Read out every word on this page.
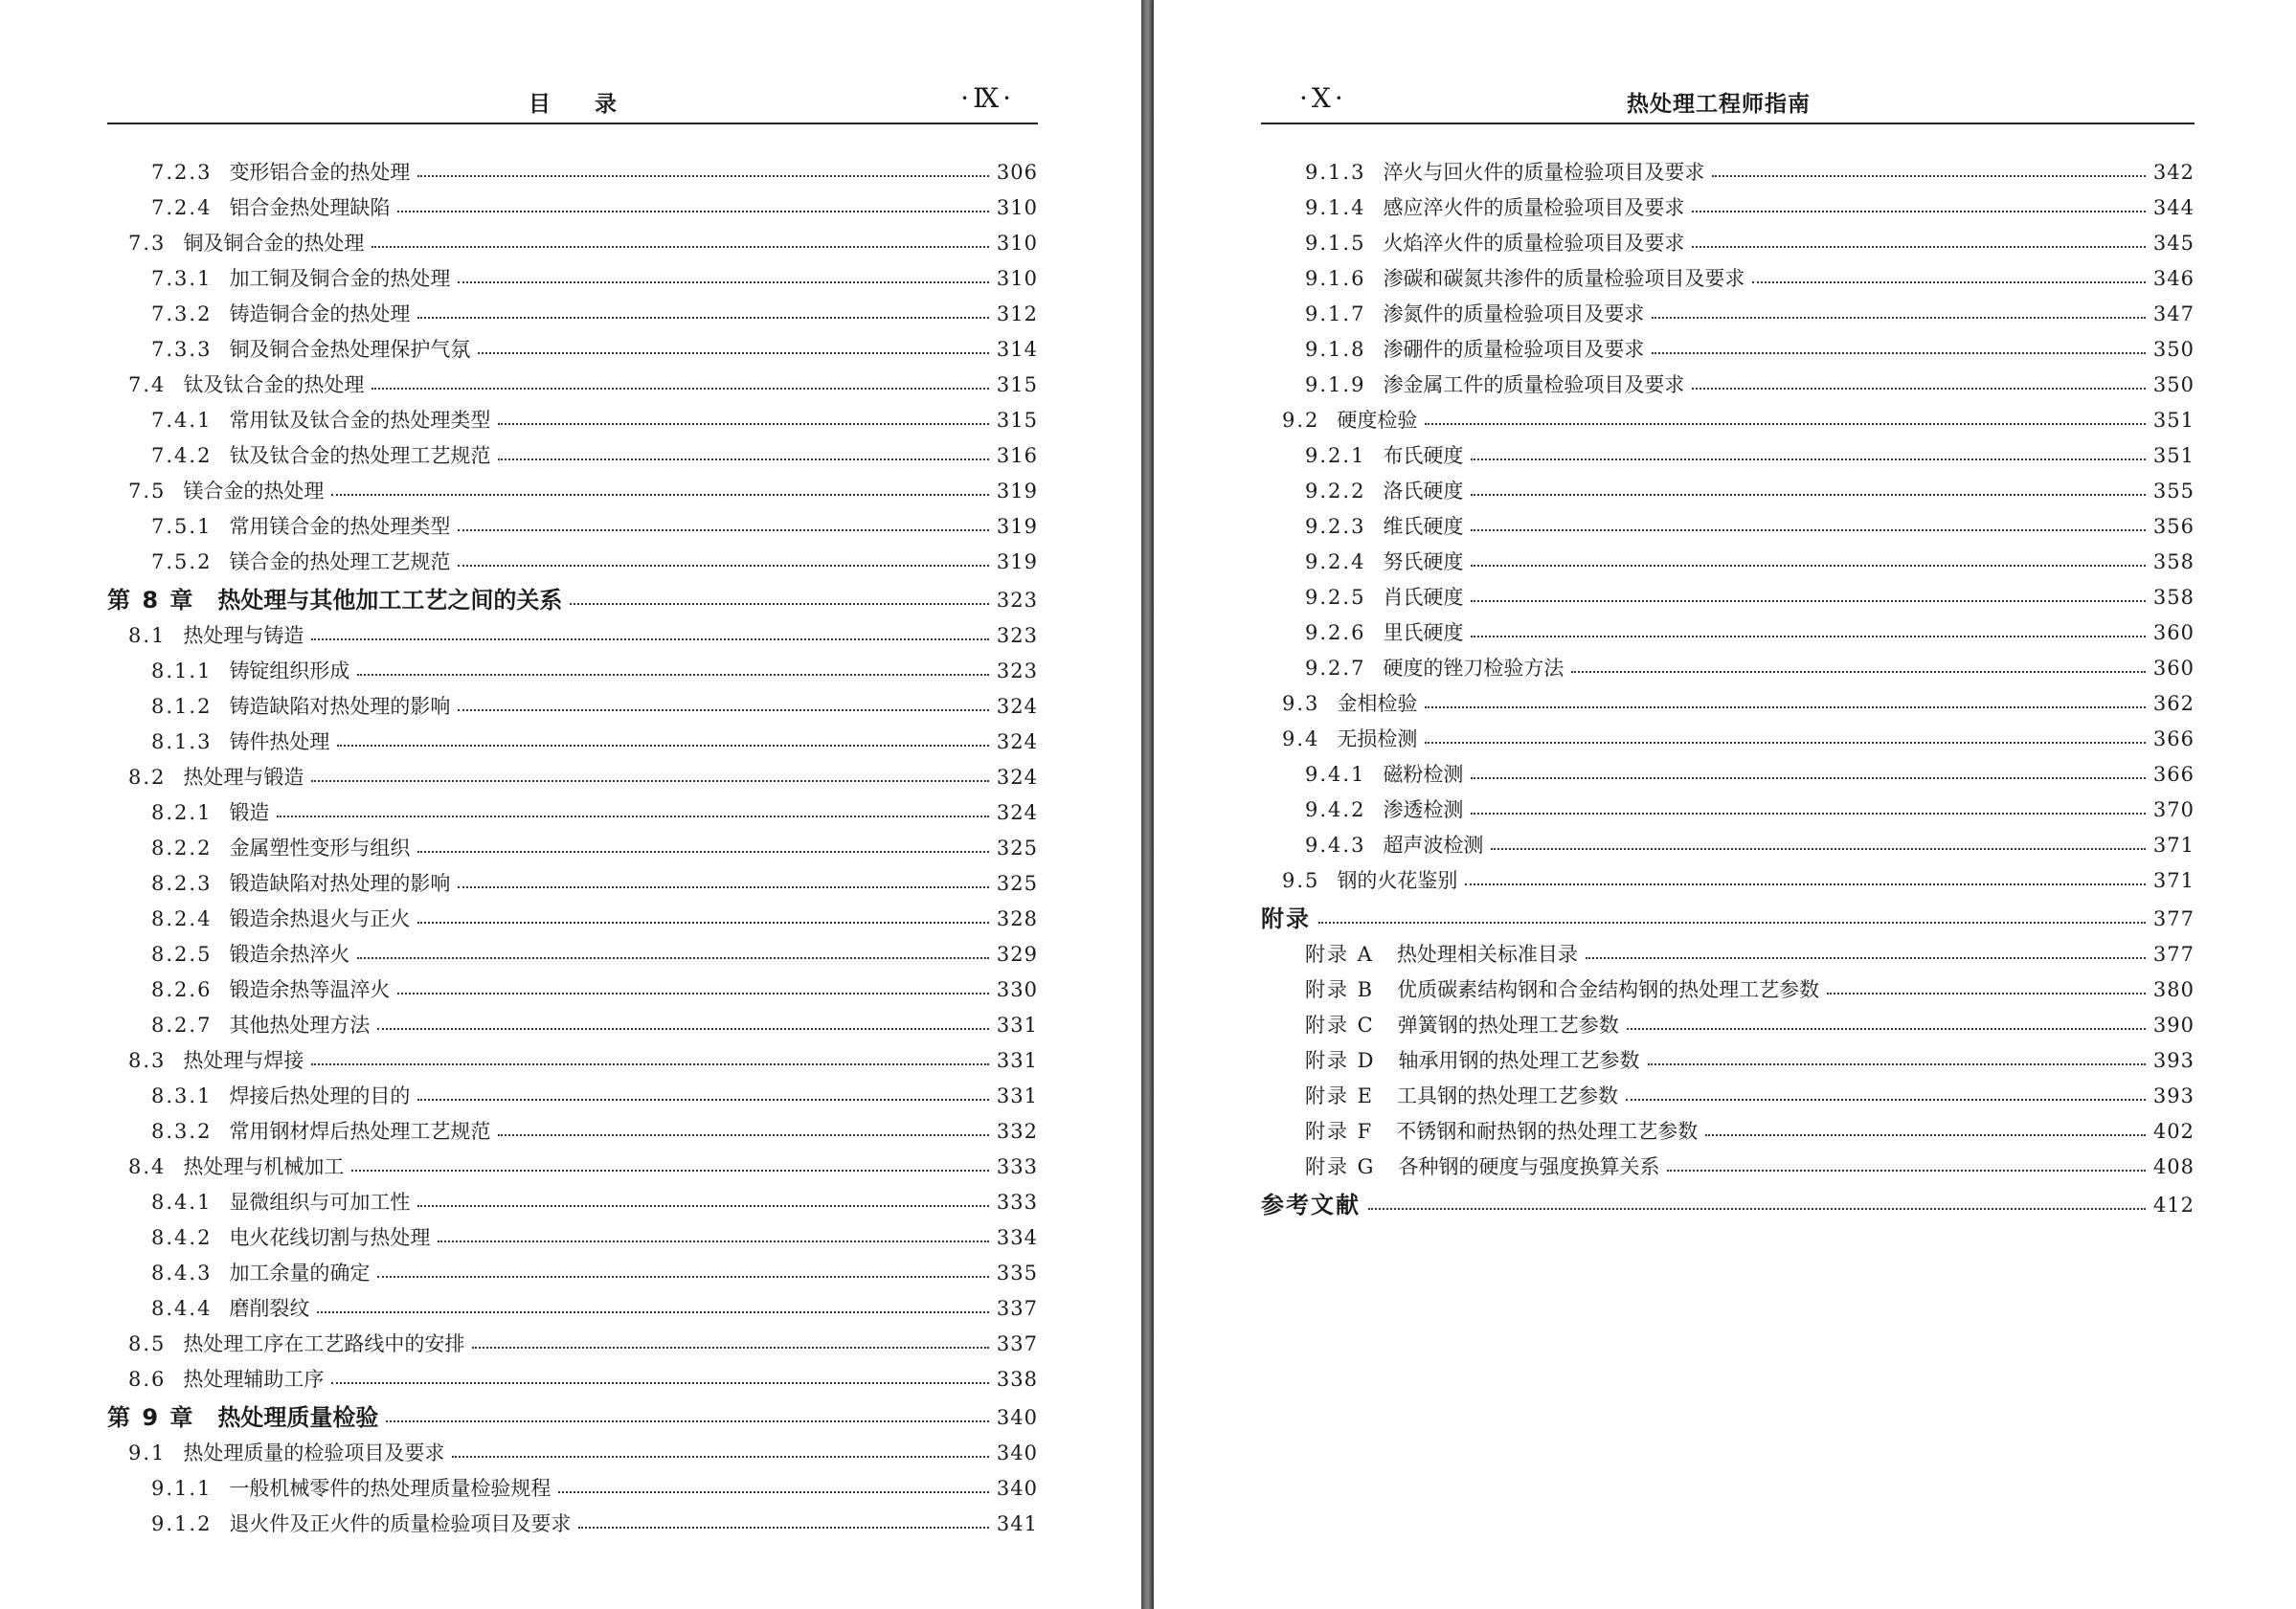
目 录	·Ⅸ·
7.2.3 变形铝合金的热处理	306
7.2.4 铝合金热处理缺陷	310
7.3 铜及铜合金的热处理	310
7.3.1 加工铜及铜合金的热处理	310
7.3.2 铸造铜合金的热处理	312
7.3.3 铜及铜合金热处理保护气氛	314
7.4 钛及钛合金的热处理	315
7.4.1 常用钛及钛合金的热处理类型	315
7.4.2 钛及钛合金的热处理工艺规范	316
7.5 镁合金的热处理	319
7.5.1 常用镁合金的热处理类型	319
7.5.2 镁合金的热处理工艺规范	319
第 8 章 热处理与其他加工工艺之间的关系	323
8.1 热处理与铸造	323
8.1.1 铸锭组织形成	323
8.1.2 铸造缺陷对热处理的影响	324
8.1.3 铸件热处理	324
8.2 热处理与锻造	324
8.2.1 锻造	324
8.2.2 金属塑性变形与组织	325
8.2.3 锻造缺陷对热处理的影响	325
8.2.4 锻造余热退火与正火	328
8.2.5 锻造余热淬火	329
8.2.6 锻造余热等温淬火	330
8.2.7 其他热处理方法	331
8.3 热处理与焊接	331
8.3.1 焊接后热处理的目的	331
8.3.2 常用钢材焊后热处理工艺规范	332
8.4 热处理与机械加工	333
8.4.1 显微组织与可加工性	333
8.4.2 电火花线切割与热处理	334
8.4.3 加工余量的确定	335
8.4.4 磨削裂纹	337
8.5 热处理工序在工艺路线中的安排	337
8.6 热处理辅助工序	338
第 9 章 热处理质量检验	340
9.1 热处理质量的检验项目及要求	340
9.1.1 一般机械零件的热处理质量检验规程	340
9.1.2 退火件及正火件的质量检验项目及要求	341
·X·	热处理工程师指南
9.1.3 淬火与回火件的质量检验项目及要求	342
9.1.4 感应淬火件的质量检验项目及要求	344
9.1.5 火焰淬火件的质量检验项目及要求	345
9.1.6 渗碳和碳氮共渗件的质量检验项目及要求	346
9.1.7 渗氮件的质量检验项目及要求	347
9.1.8 渗硼件的质量检验项目及要求	350
9.1.9 渗金属工件的质量检验项目及要求	350
9.2 硬度检验	351
9.2.1 布氏硬度	351
9.2.2 洛氏硬度	355
9.2.3 维氏硬度	356
9.2.4 努氏硬度	358
9.2.5 肖氏硬度	358
9.2.6 里氏硬度	360
9.2.7 硬度的锉刀检验方法	360
9.3 金相检验	362
9.4 无损检测	366
9.4.1 磁粉检测	366
9.4.2 渗透检测	370
9.4.3 超声波检测	371
9.5 钢的火花鉴别	371
附录	377
附录 A 热处理相关标准目录	377
附录 B 优质碳素结构钢和合金结构钢的热处理工艺参数	380
附录 C 弹簧钢的热处理工艺参数	390
附录 D 轴承用钢的热处理工艺参数	393
附录 E 工具钢的热处理工艺参数	393
附录 F 不锈钢和耐热钢的热处理工艺参数	402
附录 G 各种钢的硬度与强度换算关系	408
参考文献	412
